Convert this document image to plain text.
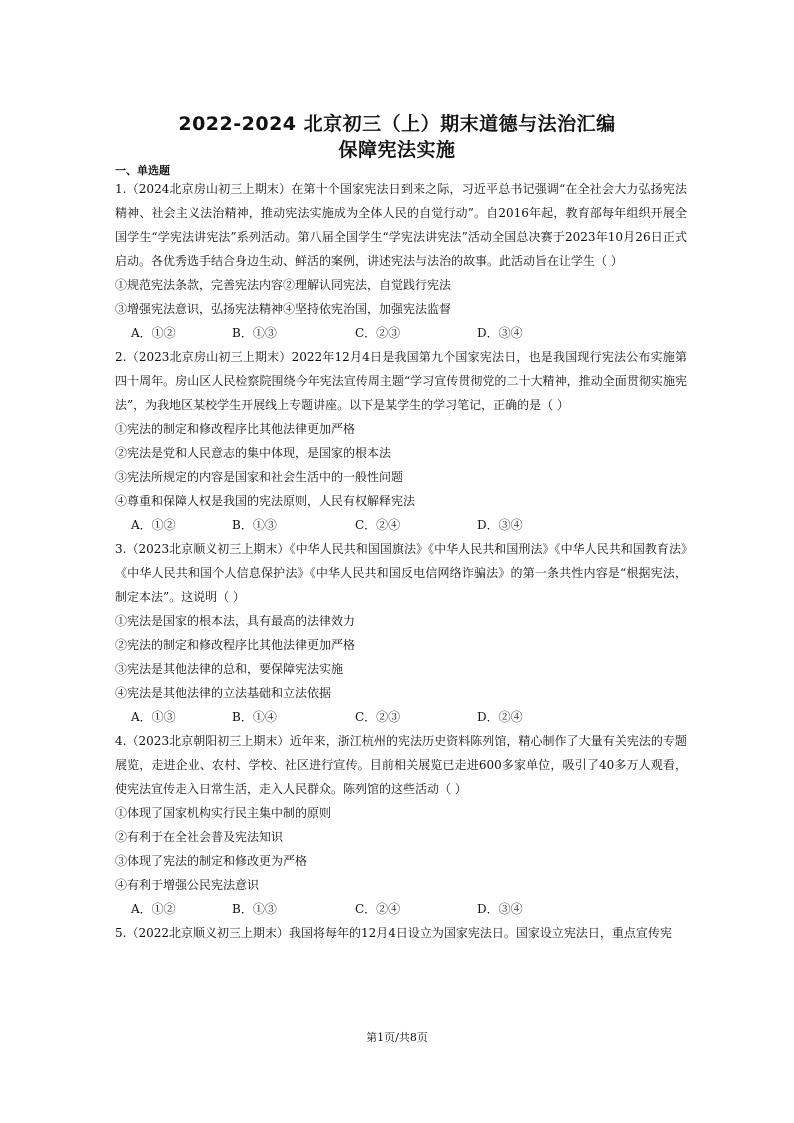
2022-2024 北京初三（上）期末道德与法治汇编
保障宪法实施
一、单选题
1.（2024北京房山初三上期末）在第十个国家宪法日到来之际，习近平总书记强调“在全社会大力弘扬宪法精神、社会主义法治精神，推动宪法实施成为全体人民的自觉行动”。自2016年起，教育部每年组织开展全国学生“学宪法讲宪法”系列活动。第八届全国学生“学宪法讲宪法”活动全国总决赛于2023年10月26日正式启动。各优秀选手结合身边生动、鲜活的案例，讲述宪法与法治的故事。此活动旨在让学生（ ）
①规范宪法条款，完善宪法内容②理解认同宪法，自觉践行宪法
③增强宪法意识，弘扬宪法精神④坚持依宪治国，加强宪法监督
A．①②	B．①③	C．②③	D．③④
2.（2023北京房山初三上期末）2022年12月4日是我国第九个国家宪法日，也是我国现行宪法公布实施第四十周年。房山区人民检察院围绕今年宪法宣传周主题“学习宣传贯彻党的二十大精神，推动全面贯彻实施宪法”，为我地区某校学生开展线上专题讲座。以下是某学生的学习笔记，正确的是（ ）
①宪法的制定和修改程序比其他法律更加严格
②宪法是党和人民意志的集中体现，是国家的根本法
③宪法所规定的内容是国家和社会生活中的一般性问题
④尊重和保障人权是我国的宪法原则，人民有权解释宪法
A．①②	B．①③	C．②④	D．③④
3.（2023北京顺义初三上期末）《中华人民共和国国旗法》《中华人民共和国刑法》《中华人民共和国教育法》《中华人民共和国个人信息保护法》《中华人民共和国反电信网络诈骗法》的第一条共性内容是“根据宪法，制定本法”。这说明（ ）
①宪法是国家的根本法，具有最高的法律效力
②宪法的制定和修改程序比其他法律更加严格
③宪法是其他法律的总和，要保障宪法实施
④宪法是其他法律的立法基础和立法依据
A．①③	B．①④	C．②③	D．②④
4.（2023北京朝阳初三上期末）近年来，浙江杭州的宪法历史资料陈列馆，精心制作了大量有关宪法的专题展览，走进企业、农村、学校、社区进行宣传。目前相关展览已走进600多家单位，吸引了40多万人观看，使宪法宣传走入日常生活，走入人民群众。陈列馆的这些活动（ ）
①体现了国家机构实行民主集中制的原则
②有利于在全社会普及宪法知识
③体现了宪法的制定和修改更为严格
④有利于增强公民宪法意识
A．①②	B．①③	C．②④	D．③④
5.（2022北京顺义初三上期末）我国将每年的12月4日设立为国家宪法日。国家设立宪法日，重点宣传宪
第1页/共8页
